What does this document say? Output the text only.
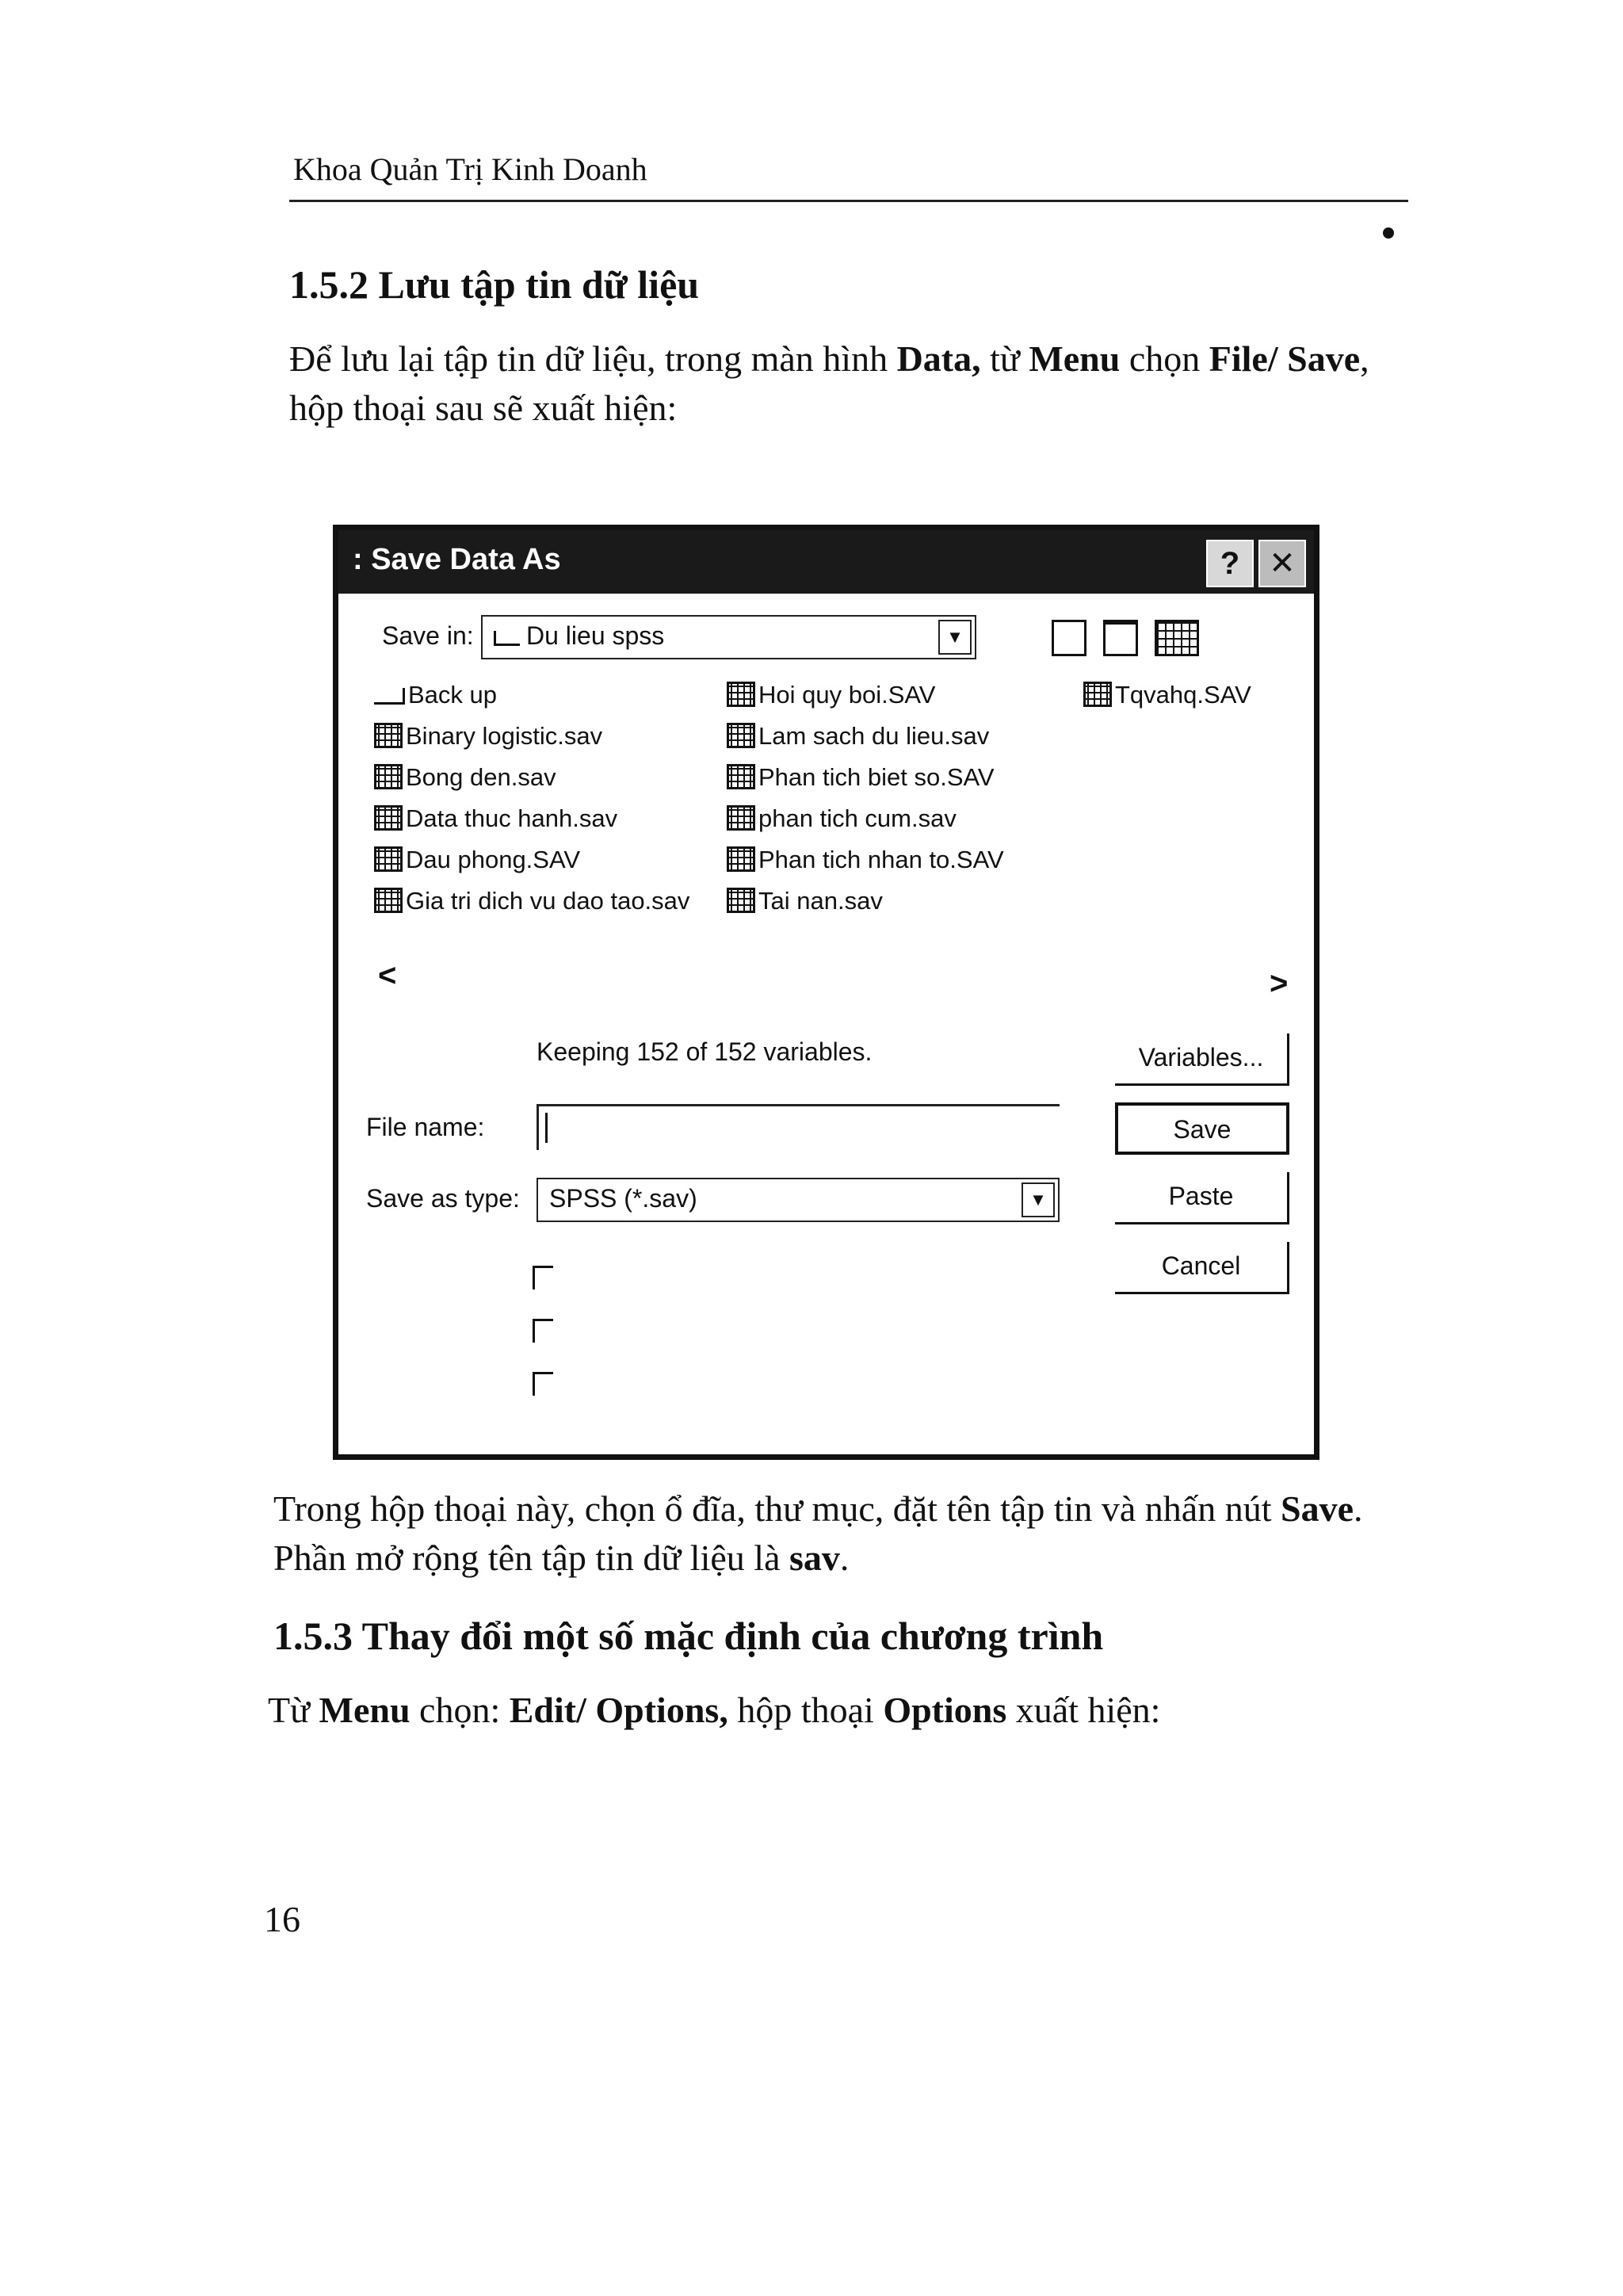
Khoa Quản Trị Kinh Doanh
1.5.2 Lưu tập tin dữ liệu

Để lưu lại tập tin dữ liệu, trong màn hình Data, từ Menu chọn File/ Save, hộp thoại sau sẽ xuất hiện:

: Save Data As	? ✕
Save in:	Du lieu spss	▼
Back up
Binary logistic.sav
Bong den.sav
Data thuc hanh.sav
Dau phong.SAV
Gia tri dich vu dao tao.sav
Hoi quy boi.SAV
Lam sach du lieu.sav
Phan tich biet so.SAV
phan tich cum.sav
Phan tich nhan to.SAV
Tai nan.sav
Tqvahq.SAV
<	>
Keeping 152 of 152 variables.
File name:
Save as type: SPSS (*.sav)	▼
Variables...
Save
Paste
Cancel

Trong hộp thoại này, chọn ổ đĩa, thư mục, đặt tên tập tin và nhấn nút Save. Phần mở rộng tên tập tin dữ liệu là sav.

1.5.3 Thay đổi một số mặc định của chương trình

Từ Menu chọn: Edit/ Options, hộp thoại Options xuất hiện:

16
